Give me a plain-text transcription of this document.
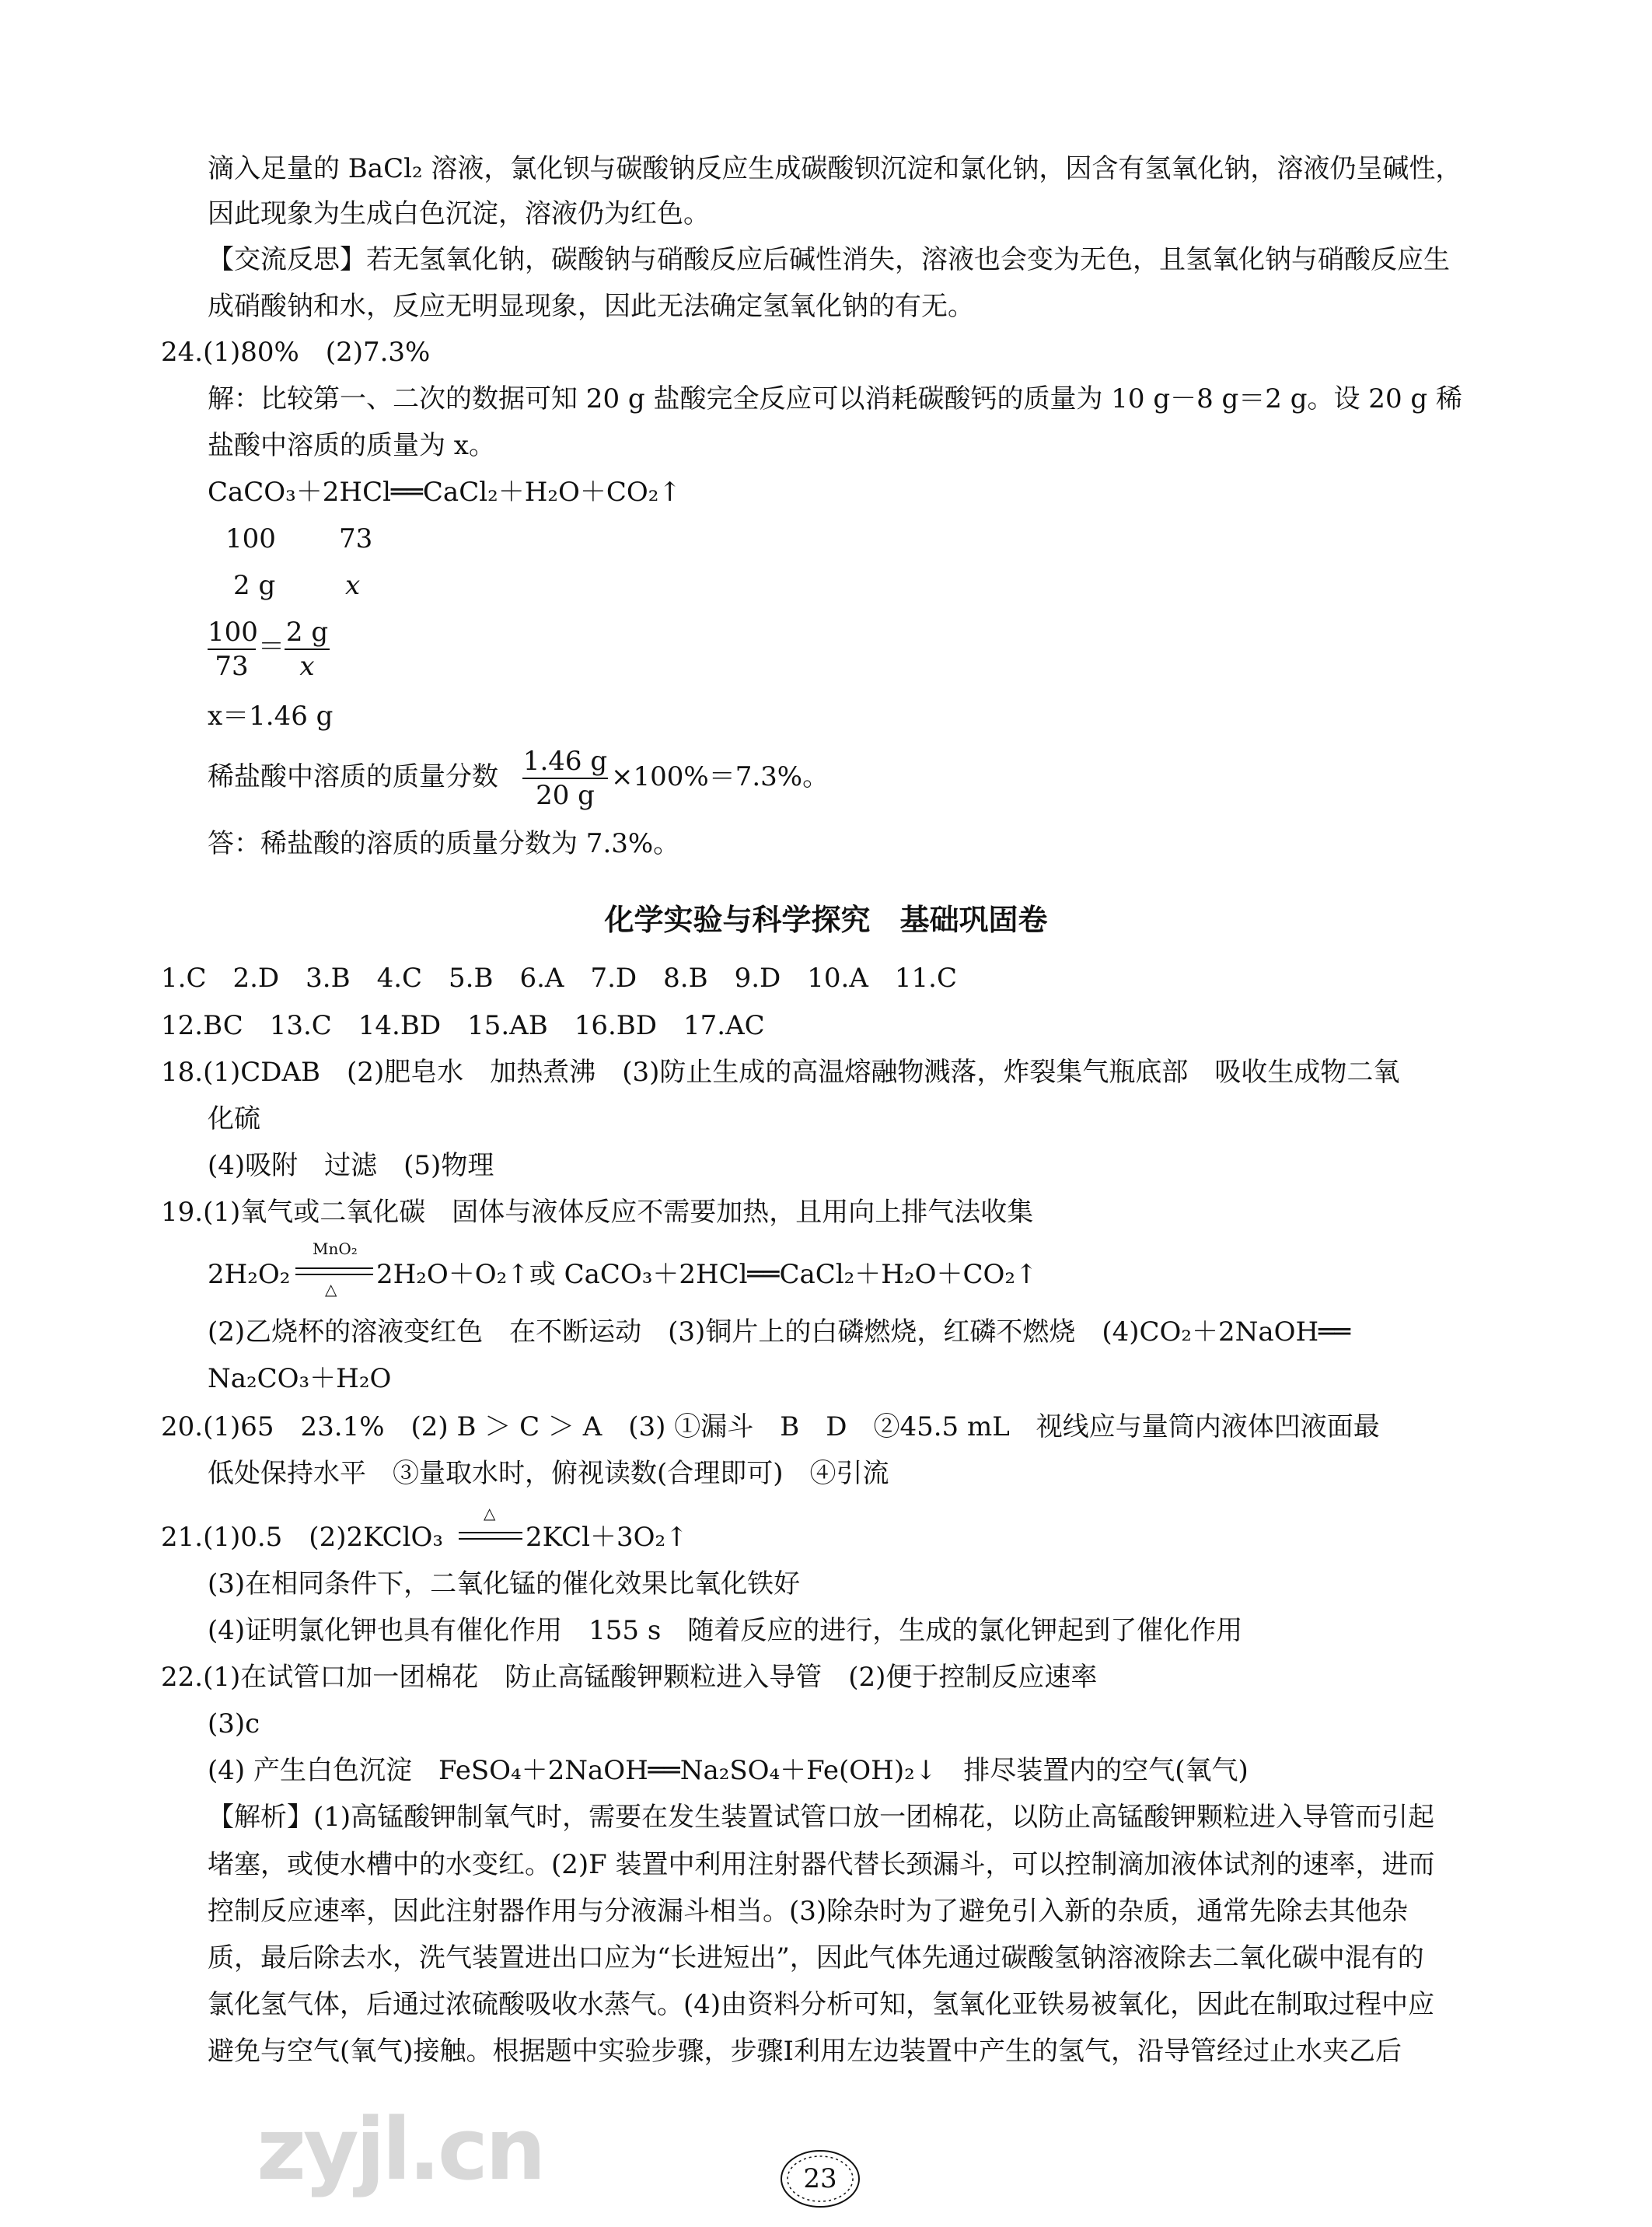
滴入足量的 BaCl₂ 溶液，氯化钡与碳酸钠反应生成碳酸钡沉淀和氯化钠，因含有氢氧化钠，溶液仍呈碱性，
因此现象为生成白色沉淀，溶液仍为红色。
【交流反思】若无氢氧化钠，碳酸钠与硝酸反应后碱性消失，溶液也会变为无色，且氢氧化钠与硝酸反应生
成硝酸钠和水，反应无明显现象，因此无法确定氢氧化钠的有无。
24.(1)80%　(2)7.3%
解：比较第一、二次的数据可知 20 g 盐酸完全反应可以消耗碳酸钙的质量为 10 g－8 g＝2 g。设 20 g 稀
盐酸中溶质的质量为 x。
CaCO₃＋2HCl══CaCl₂＋H₂O＋CO₂↑
100 73
2 g	x
100
73
＝ 2 g
x
x＝1.46 g
稀盐酸中溶质的质量分数 1.46 g
20 g
×100%＝7.3%。
答：稀盐酸的溶质的质量分数为 7.3%。
化学实验与科学探究　基础巩固卷
1.C　2.D　3.B　4.C　5.B　6.A　7.D　8.B　9.D　10.A　11.C
12.BC　13.C　14.BD　15.AB　16.BD　17.AC
18.(1)CDAB　(2)肥皂水　加热煮沸　(3)防止生成的高温熔融物溅落，炸裂集气瓶底部　吸收生成物二氧
化硫
(4)吸附　过滤　(5)物理
19.(1)氧气或二氧化碳　固体与液体反应不需要加热，且用向上排气法收集
2H₂O₂
MnO₂
△ 2H₂O＋O₂↑或 CaCO₃＋2HCl══CaCl₂＋H₂O＋CO₂↑
(2)乙烧杯的溶液变红色　在不断运动　(3)铜片上的白磷燃烧，红磷不燃烧　(4)CO₂＋2NaOH══
Na₂CO₃＋H₂O
20.(1)65　23.1%　(2) B ＞ C ＞ A　(3) ①漏斗　B　D　②45.5 mL　视线应与量筒内液体凹液面最
低处保持水平　③量取水时，俯视读数(合理即可)　④引流
21.(1)0.5　(2)2KClO₃
△
2KCl＋3O₂↑
(3)在相同条件下，二氧化锰的催化效果比氧化铁好
(4)证明氯化钾也具有催化作用　155 s　随着反应的进行，生成的氯化钾起到了催化作用
22.(1)在试管口加一团棉花　防止高锰酸钾颗粒进入导管　(2)便于控制反应速率
(3)c
(4) 产生白色沉淀　FeSO₄＋2NaOH══Na₂SO₄＋Fe(OH)₂↓　排尽装置内的空气(氧气)
【解析】(1)高锰酸钾制氧气时，需要在发生装置试管口放一团棉花，以防止高锰酸钾颗粒进入导管而引起
堵塞，或使水槽中的水变红。(2)F 装置中利用注射器代替长颈漏斗，可以控制滴加液体试剂的速率，进而
控制反应速率，因此注射器作用与分液漏斗相当。(3)除杂时为了避免引入新的杂质，通常先除去其他杂
质，最后除去水，洗气装置进出口应为“长进短出”，因此气体先通过碳酸氢钠溶液除去二氧化碳中混有的
氯化氢气体，后通过浓硫酸吸收水蒸气。(4)由资料分析可知，氢氧化亚铁易被氧化，因此在制取过程中应
避免与空气(氧气)接触。根据题中实验步骤，步骤Ⅰ利用左边装置中产生的氢气，沿导管经过止水夹乙后
zyjl.cn	23
